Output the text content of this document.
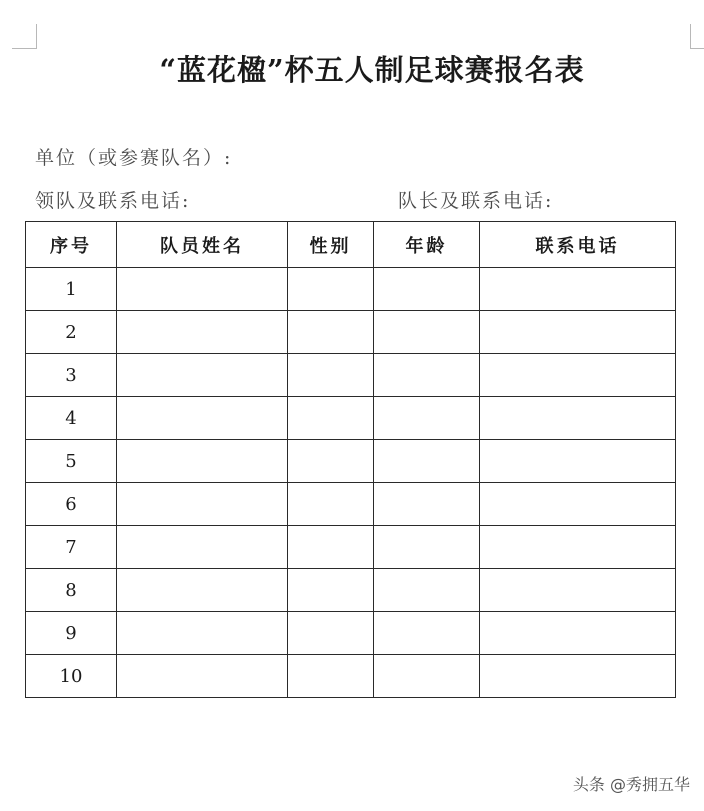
“蓝花楹”杯五人制足球赛报名表
单位（或参赛队名）:
领队及联系电话:	队长及联系电话:
序号	队员姓名	性别	年龄	联系电话
1				
2				
3				
4				
5				
6				
7				
8				
9				
10				
头条 @秀拥五华
